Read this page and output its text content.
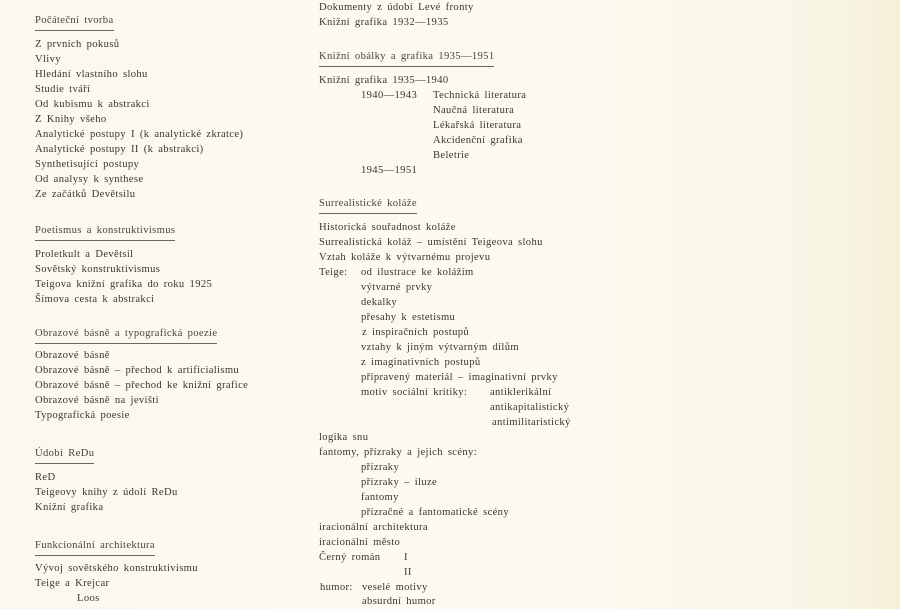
Počáteční tvorba
Z prvních pokusů
Vlivy
Hledání vlastního slohu
Studie tváří
Od kubismu k abstrakci
Z Knihy všeho
Analytické postupy I (k analytické zkratce)
Analytické postupy II (k abstrakci)
Synthetisující postupy
Od analysy k synthese
Ze začátků Devětsilu
Poetismus a konstruktivismus
Proletkult a Devětsil
Sovětský konstruktivismus
Teigova knižní grafika do roku 1925
Šímova cesta k abstrakci
Obrazové básně a typografická poezie
Obrazové básně
Obrazové básně – přechod k artificialismu
Obrazové básně – přechod ke knižní grafice
Obrazové básně na jevišti
Typografická poesie
Údobí ReDu
ReD
Teigeovy knihy z údolí ReDu
Knižní grafika
Funkcionální architektura
Vývoj sovětského konstruktivismu
Teige a Krejcar
Loos
Dokumenty z údobí Levé fronty
Knižní grafika 1932—1935
Knižní obálky a grafika 1935—1951
Knižní grafika 1935—1940
1940—1943 Technická literatura
Naučná literatura
Lékařská literatura
Akcidenční grafika
Beletrie
1945—1951
Surrealistické koláže
Historická souřadnost koláže
Surrealistická koláž – umístění Teigeova slohu
Vztah koláže k výtvarnému projevu
Teige: od ilustrace ke kolážím
výtvarné prvky
dekalky
přesahy k estetismu
z inspiračních postupů
vztahy k jiným výtvarným dílům
z imaginativních postupů
připravený materiál – imaginativní prvky
motiv sociální kritiky: antiklerikální
antikapitalistický
antimilitaristický
logika snu
fantomy, přízraky a jejich scény:
přízraky
přízraky – iluze
fantomy
přízračné a fantomatické scény
iracionální architektura
iracionální město
Černý román I
II
humor: veselé motivy
absurdní humor
